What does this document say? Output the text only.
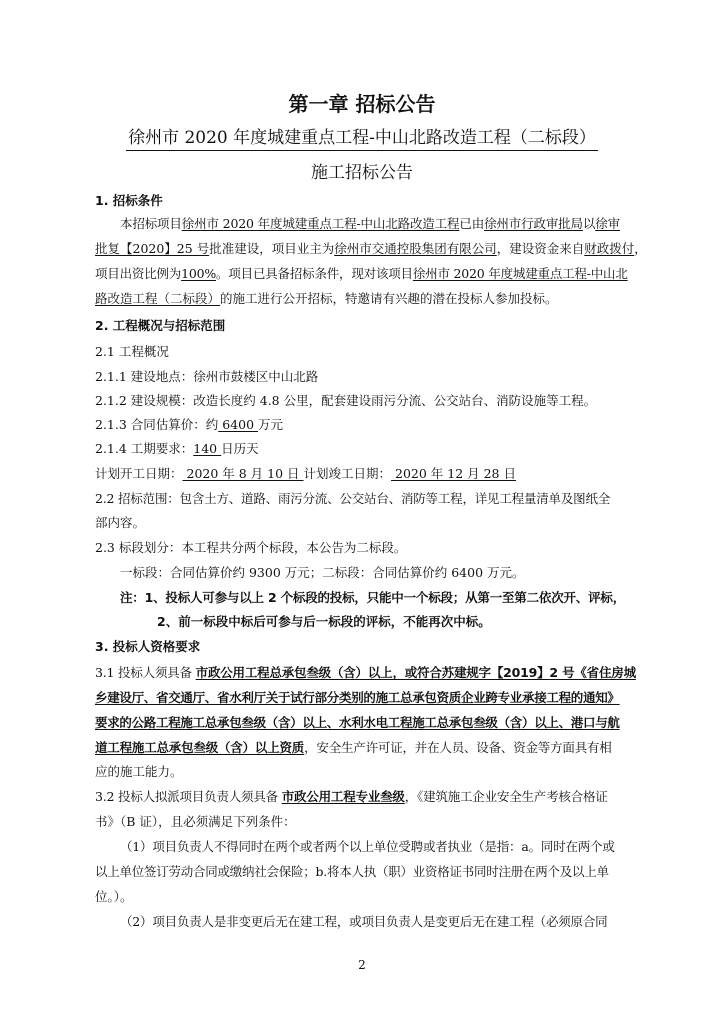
第一章 招标公告
徐州市 2020 年度城建重点工程-中山北路改造工程（二标段）
施工招标公告
1. 招标条件
本招标项目徐州市 2020 年度城建重点工程-中山北路改造工程已由徐州市行政审批局以徐审
批复【2020】25 号批准建设，项目业主为徐州市交通控股集团有限公司，建设资金来自财政拨付，
项目出资比例为100%。项目已具备招标条件，现对该项目徐州市 2020 年度城建重点工程-中山北
路改造工程（二标段）的施工进行公开招标，特邀请有兴趣的潜在投标人参加投标。
2. 工程概况与招标范围
2.1 工程概况
2.1.1 建设地点：徐州市鼓楼区中山北路
2.1.2 建设规模：改造长度约 4.8 公里，配套建设雨污分流、公交站台、消防设施等工程。
2.1.3 合同估算价：约 6400 万元
2.1.4 工期要求：140 日历天
计划开工日期： 2020 年 8 月 10 日 计划竣工日期： 2020 年 12 月 28 日
2.2 招标范围：包含土方、道路、雨污分流、公交站台、消防等工程，详见工程量清单及图纸全
部内容。
2.3 标段划分：本工程共分两个标段，本公告为二标段。
一标段：合同估算价约 9300 万元；二标段：合同估算价约 6400 万元。
注：1、投标人可参与以上 2 个标段的投标，只能中一个标段；从第一至第二依次开、评标，
2、前一标段中标后可参与后一标段的评标，不能再次中标。
3. 投标人资格要求
3.1 投标人须具备 市政公用工程总承包叁级（含）以上，或符合苏建规字【2019】2 号《省住房城
乡建设厅、省交通厅、省水利厅关于试行部分类别的施工总承包资质企业跨专业承接工程的通知》
要求的公路工程施工总承包叁级（含）以上、水利水电工程施工总承包叁级（含）以上、港口与航
道工程施工总承包叁级（含）以上资质，安全生产许可证，并在人员、设备、资金等方面具有相
应的施工能力。
3.2 投标人拟派项目负责人须具备 市政公用工程专业叁级，《建筑施工企业安全生产考核合格证
书》（B 证），且必须满足下列条件：
（1）项目负责人不得同时在两个或者两个以上单位受聘或者执业（是指：a。同时在两个或
以上单位签订劳动合同或缴纳社会保险；b.将本人执（职）业资格证书同时注册在两个及以上单
位。）。
（2）项目负责人是非变更后无在建工程，或项目负责人是变更后无在建工程（必须原合同
2
